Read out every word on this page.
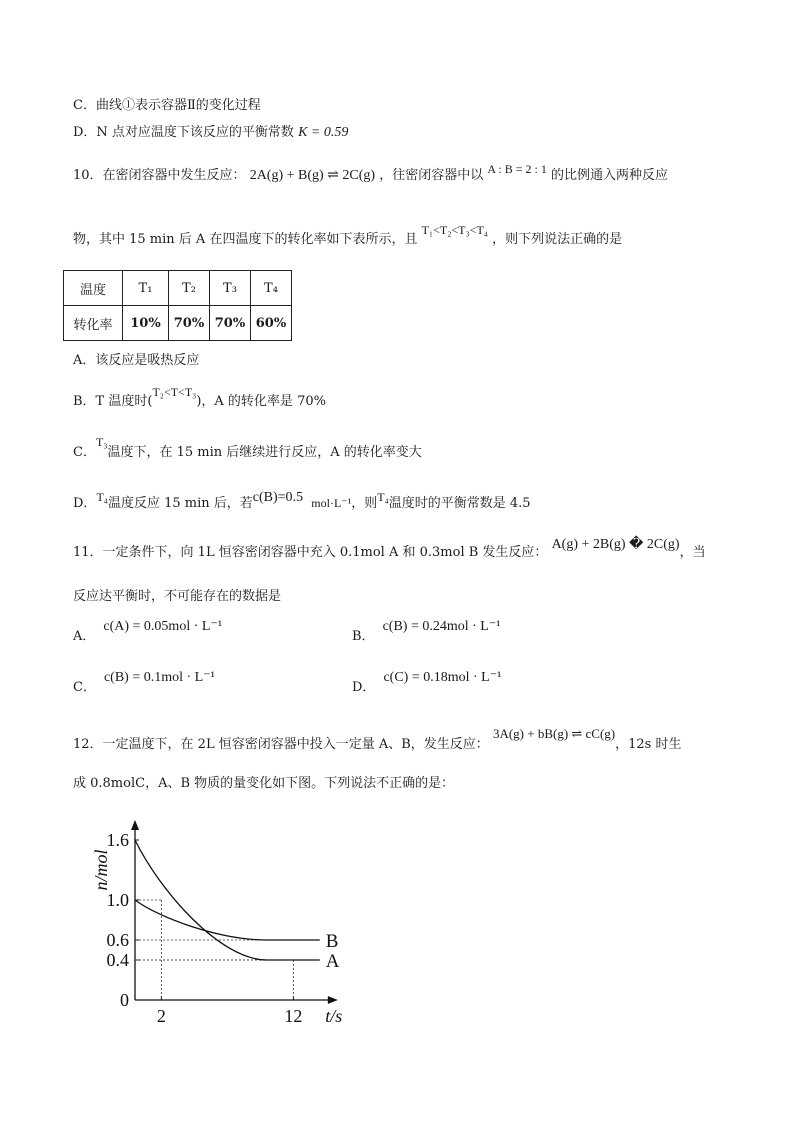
C．曲线①表示容器Ⅱ的变化过程
D．N 点对应温度下该反应的平衡常数 K = 0.59
10．在密闭容器中发生反应： 2A(g) + B(g) ⇌ 2C(g) ，往密闭容器中以 A : B = 2 : 1 的比例通入两种反应
物，其中 15 min 后 A 在四温度下的转化率如下表所示，且 T₁<T₂<T₃<T₄ ，则下列说法正确的是
温度	T₁	T₂	T₃	T₄
转化率	10%	70%	70%	60%
A．该反应是吸热反应
B．T 温度时(T₂<T<T₃)，A 的转化率是 70%
C．T₃温度下，在 15 min 后继续进行反应，A 的转化率变大
D．T₄温度反应 15 min 后，若c(B)=0.5 mol·L⁻¹，则T₄温度时的平衡常数是 4.5
11．一定条件下，向 1L 恒容密闭容器中充入 0.1mol A 和 0.3mol B 发生反应： A(g) + 2B(g) � 2C(g)，当
反应达平衡时，不可能存在的数据是
A．c(A) = 0.05mol · L⁻¹
B．c(B) = 0.24mol · L⁻¹
C．c(B) = 0.1mol · L⁻¹
D．c(C) = 0.18mol · L⁻¹
12．一定温度下，在 2L 恒容密闭容器中投入一定量 A、B，发生反应： 3A(g) + bB(g) ⇌ cC(g)，12s 时生
成 0.8molC，A、B 物质的量变化如下图。下列说法不正确的是：
0
0.4
0.6
1.0
1.6
2	12
n/mol
t/s
A
B
